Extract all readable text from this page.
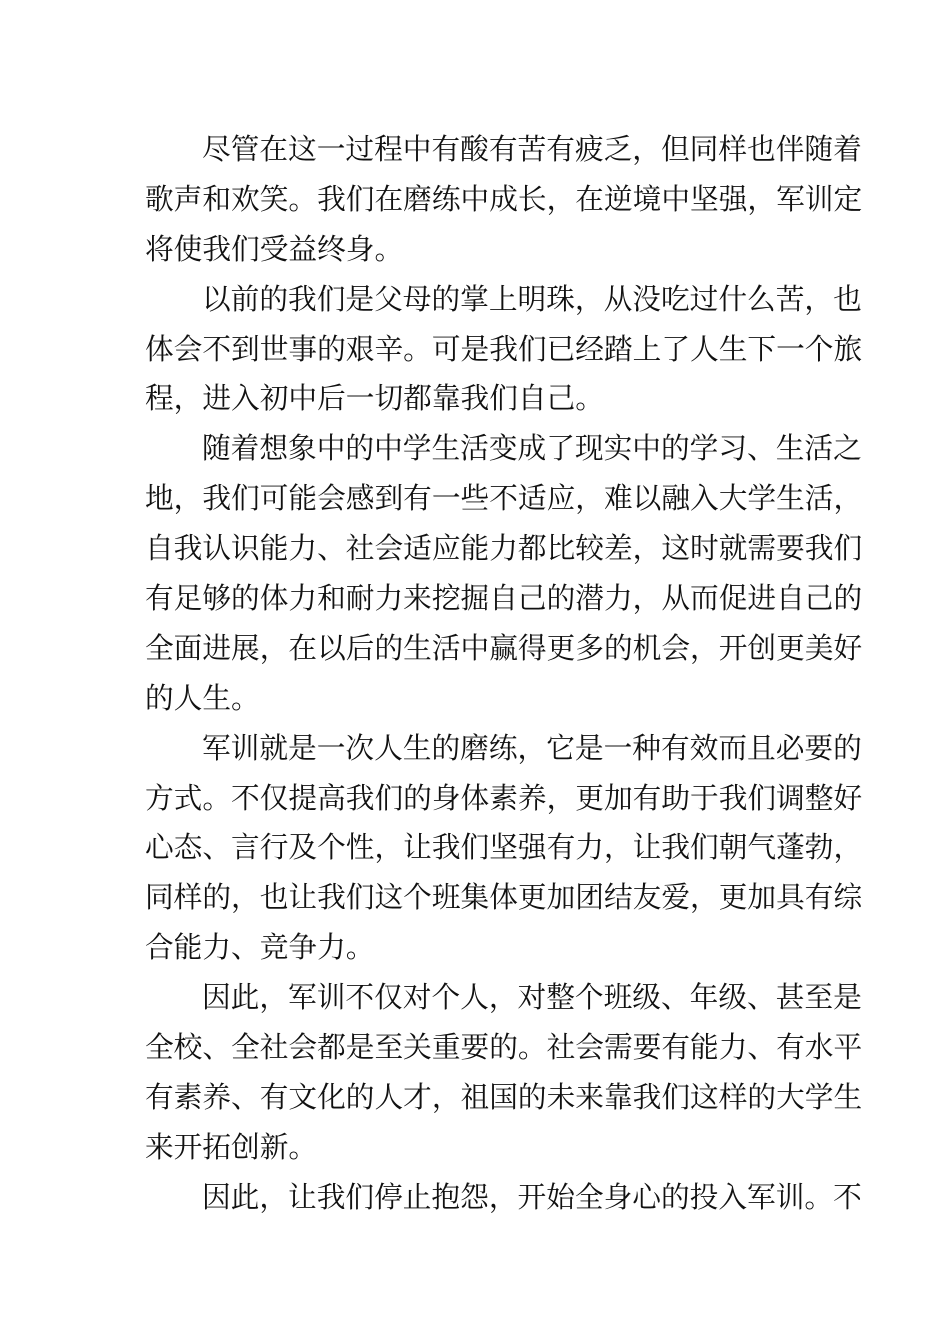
尽管在这一过程中有酸有苦有疲乏，但同样也伴随着
歌声和欢笑。我们在磨练中成长，在逆境中坚强，军训定
将使我们受益终身。
以前的我们是父母的掌上明珠，从没吃过什么苦，也
体会不到世事的艰辛。可是我们已经踏上了人生下一个旅
程，进入初中后一切都靠我们自己。
随着想象中的中学生活变成了现实中的学习、生活之
地，我们可能会感到有一些不适应，难以融入大学生活，
自我认识能力、社会适应能力都比较差，这时就需要我们
有足够的体力和耐力来挖掘自己的潜力，从而促进自己的
全面进展，在以后的生活中赢得更多的机会，开创更美好
的人生。
军训就是一次人生的磨练，它是一种有效而且必要的
方式。不仅提高我们的身体素养，更加有助于我们调整好
心态、言行及个性，让我们坚强有力，让我们朝气蓬勃，
同样的，也让我们这个班集体更加团结友爱，更加具有综
合能力、竞争力。
因此，军训不仅对个人，对整个班级、年级、甚至是
全校、全社会都是至关重要的。社会需要有能力、有水平
有素养、有文化的人才，祖国的未来靠我们这样的大学生
来开拓创新。
因此，让我们停止抱怨，开始全身心的投入军训。不
